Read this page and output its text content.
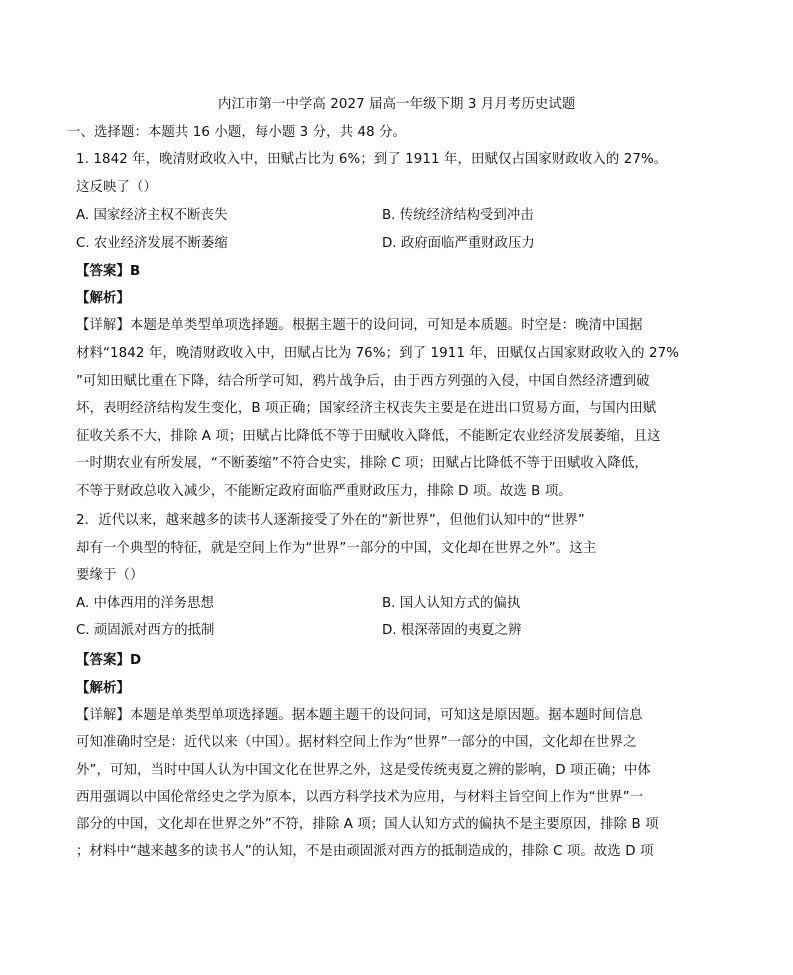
内江市第一中学高 2027 届高一年级下期 3 月月考历史试题
一、选择题：本题共 16 小题，每小题 3 分，共 48 分。
1. 1842 年，晚清财政收入中，田赋占比为 6%；到了 1911 年，田赋仅占国家财政收入的 27%。
这反映了（）
A. 国家经济主权不断丧失	B. 传统经济结构受到冲击
C. 农业经济发展不断萎缩	D. 政府面临严重财政压力
【答案】B
【解析】
【详解】本题是单类型单项选择题。根据主题干的设问词，可知是本质题。时空是：晚清中国据
材料“1842 年，晚清财政收入中，田赋占比为 76%；到了 1911 年，田赋仅占国家财政收入的 27%
”可知田赋比重在下降，结合所学可知，鸦片战争后，由于西方列强的入侵，中国自然经济遭到破
坏，表明经济结构发生变化，B 项正确；国家经济主权丧失主要是在进出口贸易方面，与国内田赋
征收关系不大，排除 A 项；田赋占比降低不等于田赋收入降低，不能断定农业经济发展萎缩，且这
一时期农业有所发展，“不断萎缩”不符合史实，排除 C 项；田赋占比降低不等于田赋收入降低，
不等于财政总收入减少，不能断定政府面临严重财政压力，排除 D 项。故选 B 项。
2．近代以来，越来越多的读书人逐渐接受了外在的“新世界”，但他们认知中的“世界”
却有一个典型的特征，就是空间上作为“世界”一部分的中国，文化却在世界之外”。这主
要缘于（）
A. 中体西用的洋务思想	B. 国人认知方式的偏执
C. 顽固派对西方的抵制	D. 根深蒂固的夷夏之辨
【答案】D
【解析】
【详解】本题是单类型单项选择题。据本题主题干的设问词，可知这是原因题。据本题时间信息
可知准确时空是：近代以来（中国）。据材料空间上作为“世界”一部分的中国，文化却在世界之
外”，可知，当时中国人认为中国文化在世界之外，这是受传统夷夏之辨的影响，D 项正确；中体
西用强调以中国伦常经史之学为原本，以西方科学技术为应用，与材料主旨空间上作为“世界”一
部分的中国，文化却在世界之外”不符，排除 A 项；国人认知方式的偏执不是主要原因，排除 B 项
；材料中“越来越多的读书人”的认知，不是由顽固派对西方的抵制造成的，排除 C 项。故选 D 项
